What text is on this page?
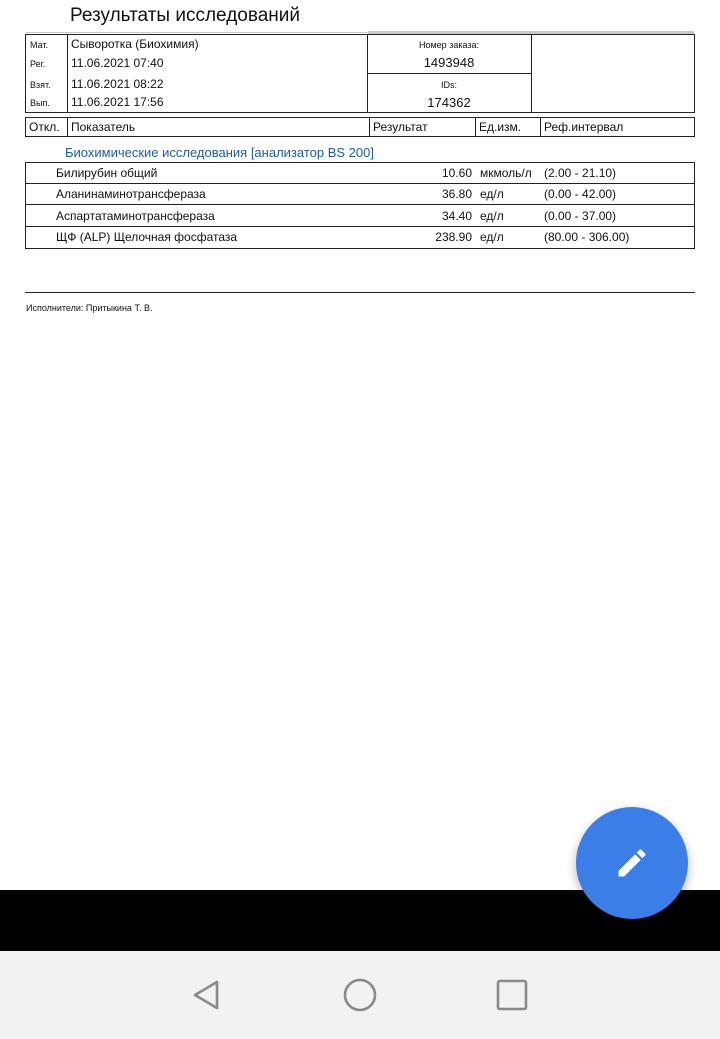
Результаты исследований
Мат. Сыворотка (Биохимия)
Рег. 11.06.2021 07:40
Взят. 11.06.2021 08:22
Вып. 11.06.2021 17:56
Номер заказа:
1493948
IDs:
174362
Откл. Показатель	Результат	Ед.изм. Реф.интервал
Биохимические исследования [анализатор BS 200]
Билирубин общий	10.60 мкмоль/л (2.00 - 21.10)
Аланинаминотрансфераза	36.80 ед/л	(0.00 - 42.00)
Аспартатаминотрансфераза	34.40 ед/л	(0.00 - 37.00)
ЩФ (ALP) Щелочная фосфатаза	238.90 ед/л	(80.00 - 306.00)
Исполнители: Притыкина Т. В.
